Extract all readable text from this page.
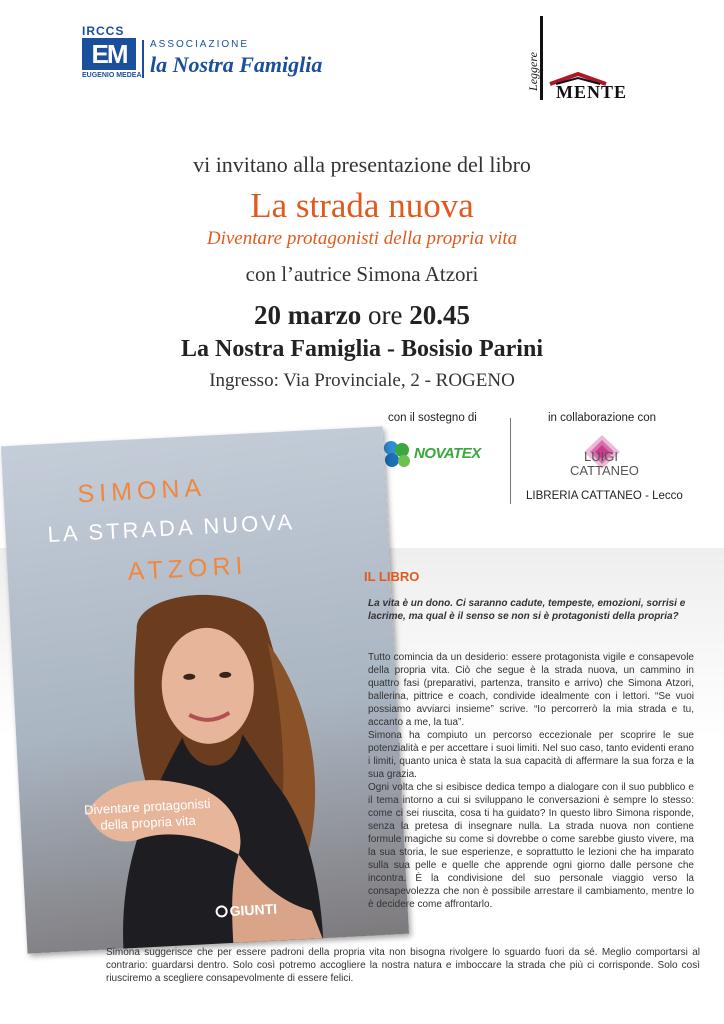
IRCCS
EM
EUGENIO MEDEA
ASSOCIAZIONE
la Nostra Famiglia	Leggere
MENTE
vi invitano alla presentazione del libro
La strada nuova
Diventare protagonisti della propria vita
con l’autrice Simona Atzori
20 marzo ore 20.45
La Nostra Famiglia - Bosisio Parini
Ingresso: Via Provinciale, 2 - ROGENO
con il sostegno di	in collaborazione con
NOVATEX	LUIGI
CATTANEO
LIBRERIA CATTANEO - Lecco
SIMONA
LA STRADA NUOVA
ATZORI
Diventare protagonisti
della propria vita
GIUNTI
IL LIBRO
La vita è un dono. Ci saranno cadute, tempeste, emozioni, sorrisi e lacrime, ma qual è il senso se non si è protagonisti della propria?
Tutto comincia da un desiderio: essere protagonista vigile e consapevole della propria vita. Ciò che segue è la strada nuova, un cammino in quattro fasi (preparativi, partenza, transito e arrivo) che Simona Atzori, ballerina, pittrice e coach, condivide idealmente con i lettori. “Se vuoi possiamo avviarci insieme” scrive. “Io percorrerò la mia strada e tu, accanto a me, la tua”.
Simona ha compiuto un percorso eccezionale per scoprire le sue potenzialità e per accettare i suoi limiti. Nel suo caso, tanto evidenti erano i limiti, quanto unica è stata la sua capacità di affermare la sua forza e la sua grazia.
Ogni volta che si esibisce dedica tempo a dialogare con il suo pubblico e il tema intorno a cui si sviluppano le conversazioni è sempre lo stesso: come ci sei riuscita, cosa ti ha guidato? In questo libro Simona risponde, senza la pretesa di insegnare nulla. La strada nuova non contiene formule magiche su come si dovrebbe o come sarebbe giusto vivere, ma la sua storia, le sue esperienze, e soprattutto le lezioni che ha imparato sulla sua pelle e quelle che apprende ogni giorno dalle persone che incontra. È la condivisione del suo personale viaggio verso la consapevolezza che non è possibile arrestare il cambiamento, mentre lo è decidere come affrontarlo.
Simona suggerisce che per essere padroni della propria vita non bisogna rivolgere lo sguardo fuori da sé. Meglio comportarsi al contrario: guardarsi dentro. Solo così potremo accogliere la nostra natura e imboccare la strada che più ci corrisponde. Solo così riusciremo a scegliere consapevolmente di essere felici.
